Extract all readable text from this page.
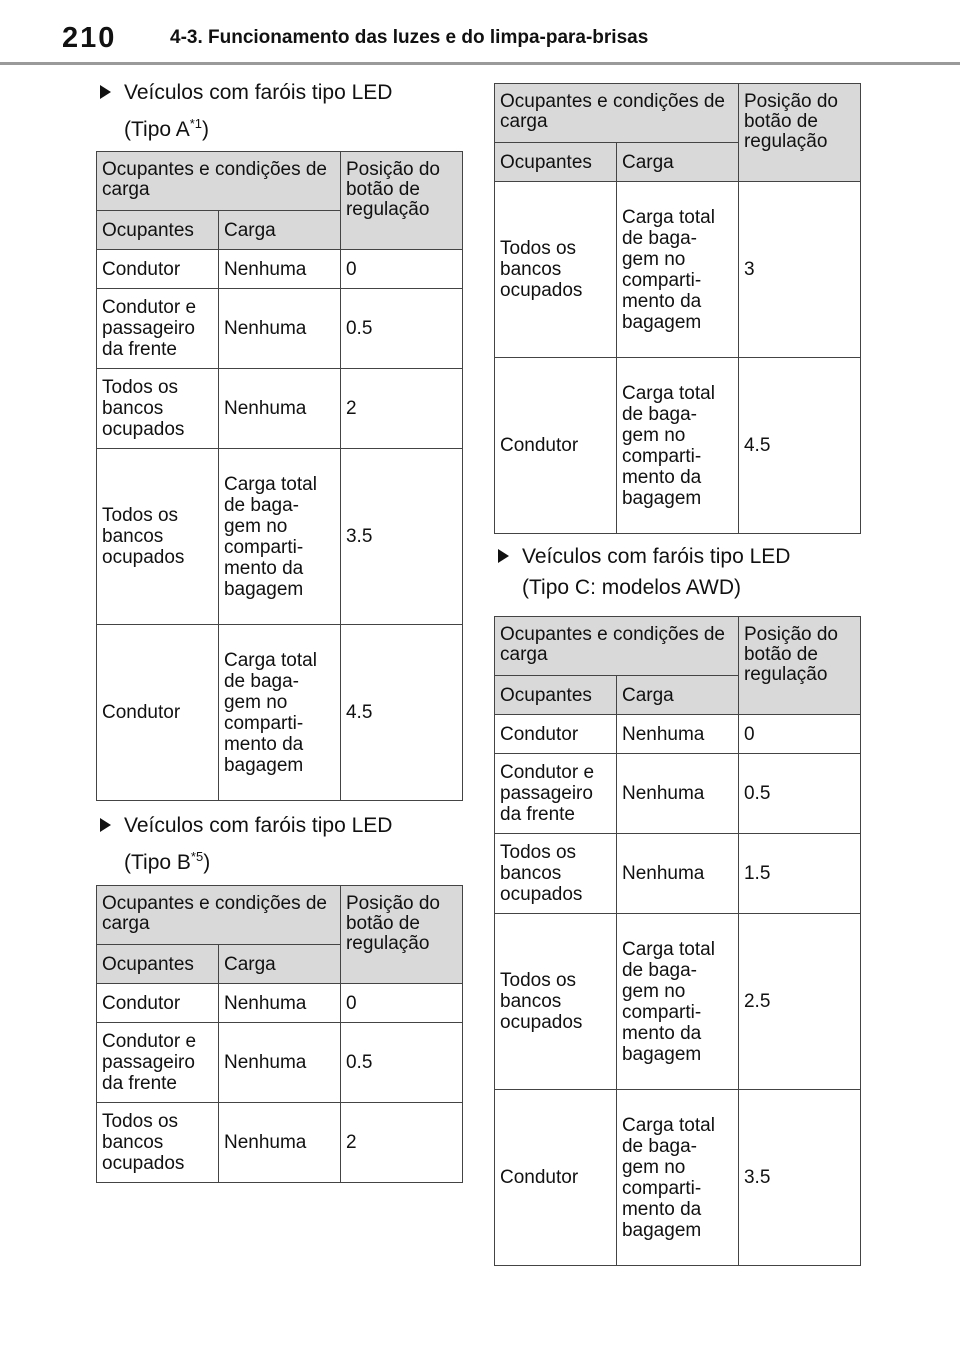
210	4-3. Funcionamento das luzes e do limpa-para-brisas
Veículos com faróis tipo LED
(Tipo $A^{*1}$)
Ocupantes e condições de carga		Posição do botão de regulação
Ocupantes	Carga	
Condutor	Nenhuma	0
Condutor e passageiro da frente	Nenhuma	0.5
Todos os bancos ocupados	Nenhuma	2
Todos os bancos ocupados	Carga total de baga- gem no comparti- mento da bagagem	3.5
Condutor	Carga total de baga- gem no comparti- mento da bagagem	4.5
Veículos com faróis tipo LED
(Tipo $B^{*5}$)
Ocupantes e condições de carga		Posição do botão de regulação
Ocupantes	Carga	
Condutor	Nenhuma	0
Condutor e passageiro da frente	Nenhuma	0.5
Todos os bancos ocupados	Nenhuma	2
Ocupantes e condições de carga		Posição do botão de regulação
Ocupantes	Carga	
Todos os bancos ocupados	Carga total de baga- gem no comparti- mento da bagagem	3
Condutor	Carga total de baga- gem no comparti- mento da bagagem	4.5
Veículos com faróis tipo LED
(Tipo C: modelos AWD)
Ocupantes e condições de carga		Posição do botão de regulação
Ocupantes	Carga	
Condutor	Nenhuma	0
Condutor e passageiro da frente	Nenhuma	0.5
Todos os bancos ocupados	Nenhuma	1.5
Todos os bancos ocupados	Carga total de baga- gem no comparti- mento da bagagem	2.5
Condutor	Carga total de baga- gem no comparti- mento da bagagem	3.5
